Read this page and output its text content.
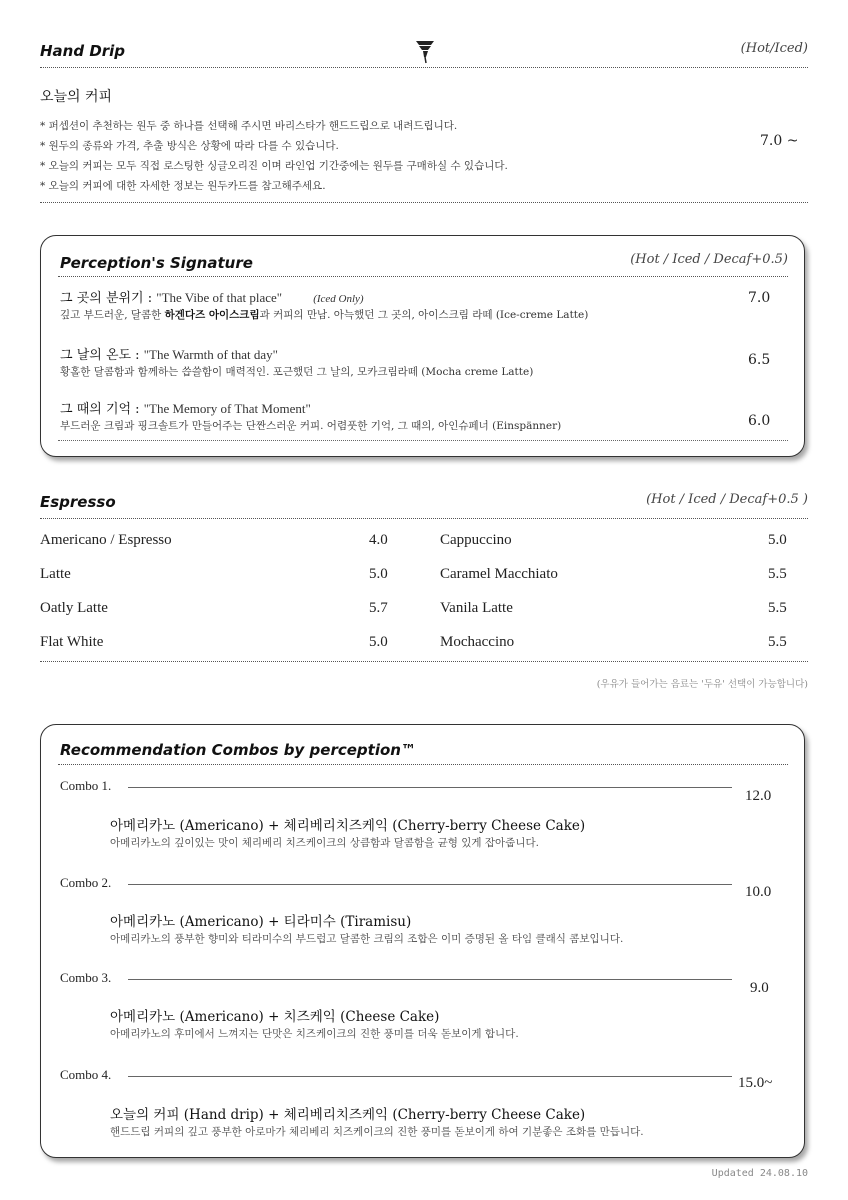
Hand Drip	(Hot/Iced)
오늘의 커피
* 퍼셉션이 추천하는 원두 중 하나를 선택해 주시면 바리스타가 핸드드립으로 내려드립니다.
* 원두의 종류와 가격, 추출 방식은 상황에 따라 다를 수 있습니다.
* 오늘의 커피는 모두 직접 로스팅한 싱글오리진 이며 라인업 기간중에는 원두를 구매하실 수 있습니다.
* 오늘의 커피에 대한 자세한 정보는 원두카드를 참고해주세요.
7.0 ~
Perception's Signature	(Hot / Iced / Decaf+0.5)
그 곳의 분위기 : "The Vibe of that place"	(Iced Only)
깊고 부드러운, 달콤한 하겐다즈 아이스크림과 커피의 만남. 아늑했던 그 곳의, 아이스크림 라떼 (Ice-creme Latte)
7.0
그 날의 온도 : "The Warmth of that day"
황홀한 달콤함과 함께하는 씁쓸함이 매력적인. 포근했던 그 날의, 모카크림라떼 (Mocha creme Latte)
6.5
그 때의 기억 : "The Memory of That Moment"
부드러운 크림과 핑크솔트가 만들어주는 단짠스러운 커피. 어렴풋한 기억, 그 때의, 아인슈페너 (Einspänner)	6.0
Espresso	(Hot / Iced / Decaf+0.5 )
Americano / Espresso	4.0
Latte	5.0
Oatly Latte	5.7
Flat White	5.0
Cappuccino	5.0
Caramel Macchiato	5.5
Vanila Latte	5.5
Mochaccino	5.5
(우유가 들어가는 음료는 '두유' 선택이 가능합니다)
Recommendation Combos by perception™
Combo 1.
12.0
아메리카노 (Americano) + 체리베리치즈케익 (Cherry-berry Cheese Cake)
아메리카노의 깊이있는 맛이 체리베리 치즈케이크의 상큼함과 달콤함을 균형 있게 잡아줍니다.
Combo 2.
10.0
아메리카노 (Americano) + 티라미수 (Tiramisu)
아메리카노의 풍부한 향미와 티라미수의 부드럽고 달콤한 크림의 조합은 이미 증명된 올 타임 클래식 콤보입니다.
Combo 3.
9.0
아메리카노 (Americano) + 치즈케익 (Cheese Cake)
아메리카노의 후미에서 느껴지는 단맛은 치즈케이크의 진한 풍미를 더욱 돋보이게 합니다.
Combo 4.
15.0~
오늘의 커피 (Hand drip) + 체리베리치즈케익 (Cherry-berry Cheese Cake)
핸드드립 커피의 깊고 풍부한 아로마가 체리베리 치즈케이크의 진한 풍미를 돋보이게 하여 기분좋은 조화를 만듭니다.
Updated 24.08.10
